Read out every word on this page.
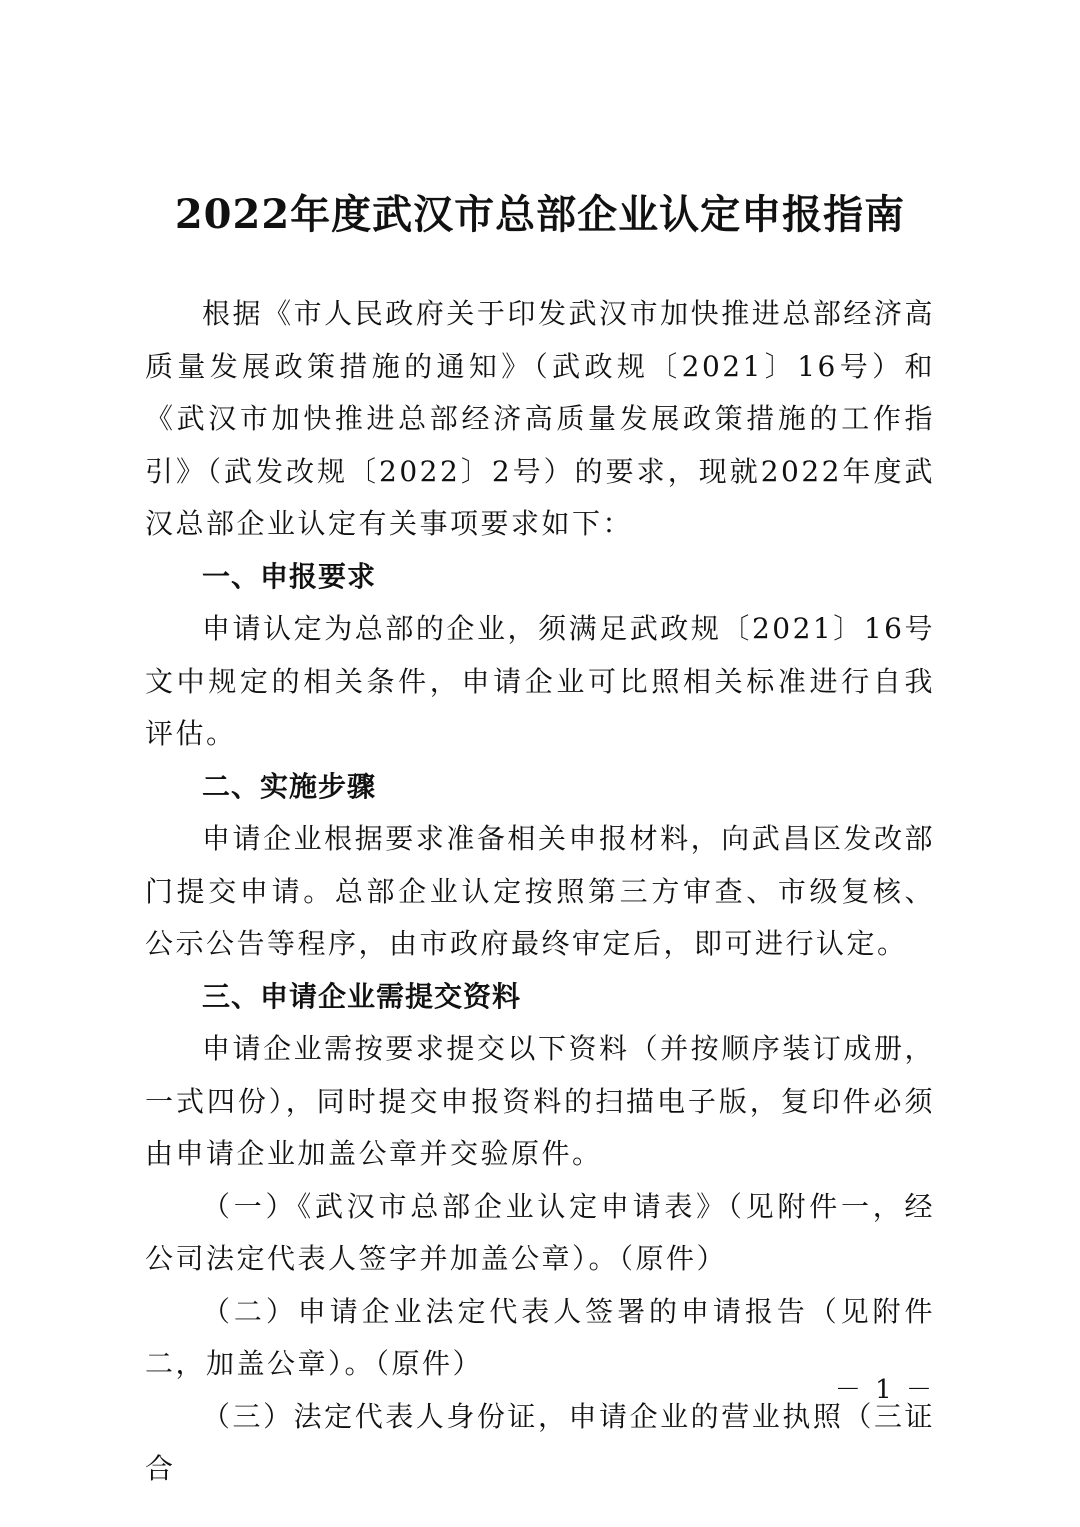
2022年度武汉市总部企业认定申报指南

根据《市人民政府关于印发武汉市加快推进总部经济高质量发展政策措施的通知》（武政规〔2021〕16号）和《武汉市加快推进总部经济高质量发展政策措施的工作指引》（武发改规〔2022〕2号）的要求，现就2022年度武汉总部企业认定有关事项要求如下：

一、申报要求

申请认定为总部的企业，须满足武政规〔2021〕16号文中规定的相关条件，申请企业可比照相关标准进行自我评估。

二、实施步骤

申请企业根据要求准备相关申报材料，向武昌区发改部门提交申请。总部企业认定按照第三方审查、市级复核、公示公告等程序，由市政府最终审定后，即可进行认定。

三、申请企业需提交资料

申请企业需按要求提交以下资料（并按顺序装订成册，一式四份），同时提交申报资料的扫描电子版，复印件必须由申请企业加盖公章并交验原件。

（一）《武汉市总部企业认定申请表》（见附件一，经公司法定代表人签字并加盖公章）。（原件）

（二）申请企业法定代表人签署的申请报告（见附件二，加盖公章）。（原件）

（三）法定代表人身份证，申请企业的营业执照（三证合

－ 1 －
